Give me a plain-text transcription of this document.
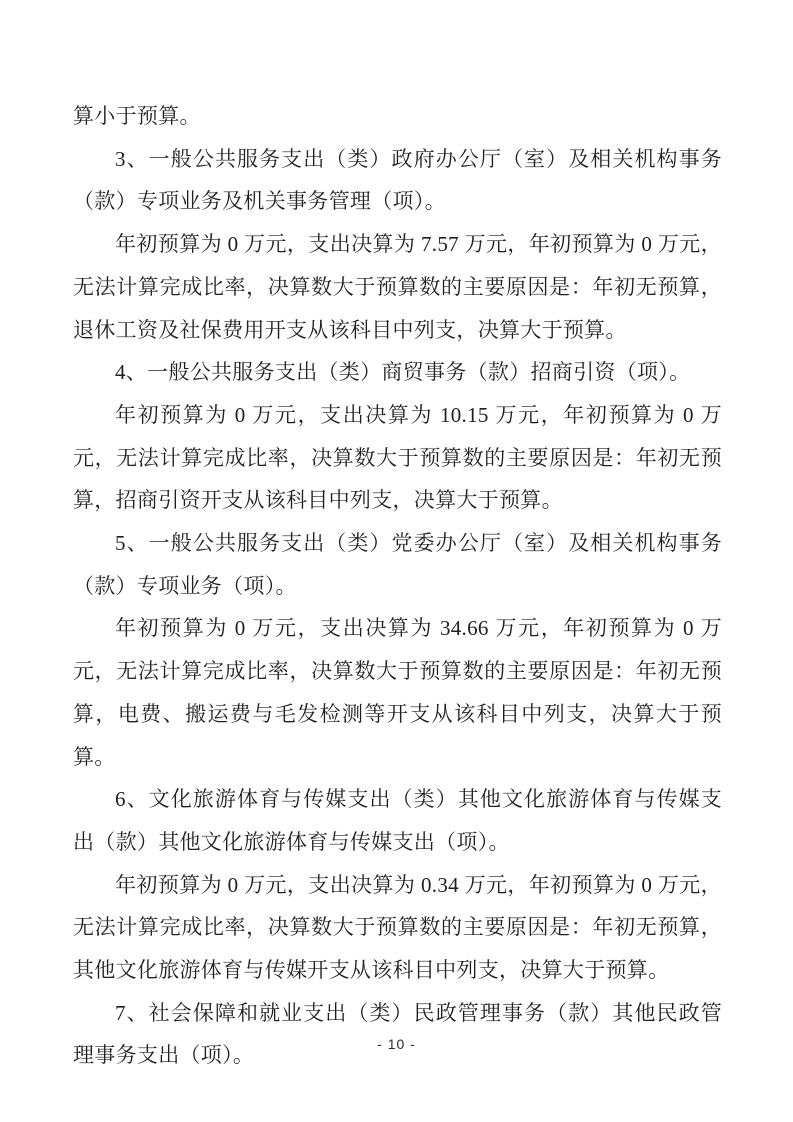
算小于预算。

3、一般公共服务支出（类）政府办公厅（室）及相关机构事务（款）专项业务及机关事务管理（项）。

年初预算为 0 万元，支出决算为 7.57 万元，年初预算为 0 万元，无法计算完成比率，决算数大于预算数的主要原因是：年初无预算，退休工资及社保费用开支从该科目中列支，决算大于预算。

4、一般公共服务支出（类）商贸事务（款）招商引资（项）。

年初预算为 0 万元，支出决算为 10.15 万元，年初预算为 0 万元，无法计算完成比率，决算数大于预算数的主要原因是：年初无预算，招商引资开支从该科目中列支，决算大于预算。

5、一般公共服务支出（类）党委办公厅（室）及相关机构事务（款）专项业务（项）。

年初预算为 0 万元，支出决算为 34.66 万元，年初预算为 0 万元，无法计算完成比率，决算数大于预算数的主要原因是：年初无预算，电费、搬运费与毛发检测等开支从该科目中列支，决算大于预算。

6、文化旅游体育与传媒支出（类）其他文化旅游体育与传媒支出（款）其他文化旅游体育与传媒支出（项）。

年初预算为 0 万元，支出决算为 0.34 万元，年初预算为 0 万元，无法计算完成比率，决算数大于预算数的主要原因是：年初无预算，其他文化旅游体育与传媒开支从该科目中列支，决算大于预算。

7、社会保障和就业支出（类）民政管理事务（款）其他民政管理事务支出（项）。	- 10 -
